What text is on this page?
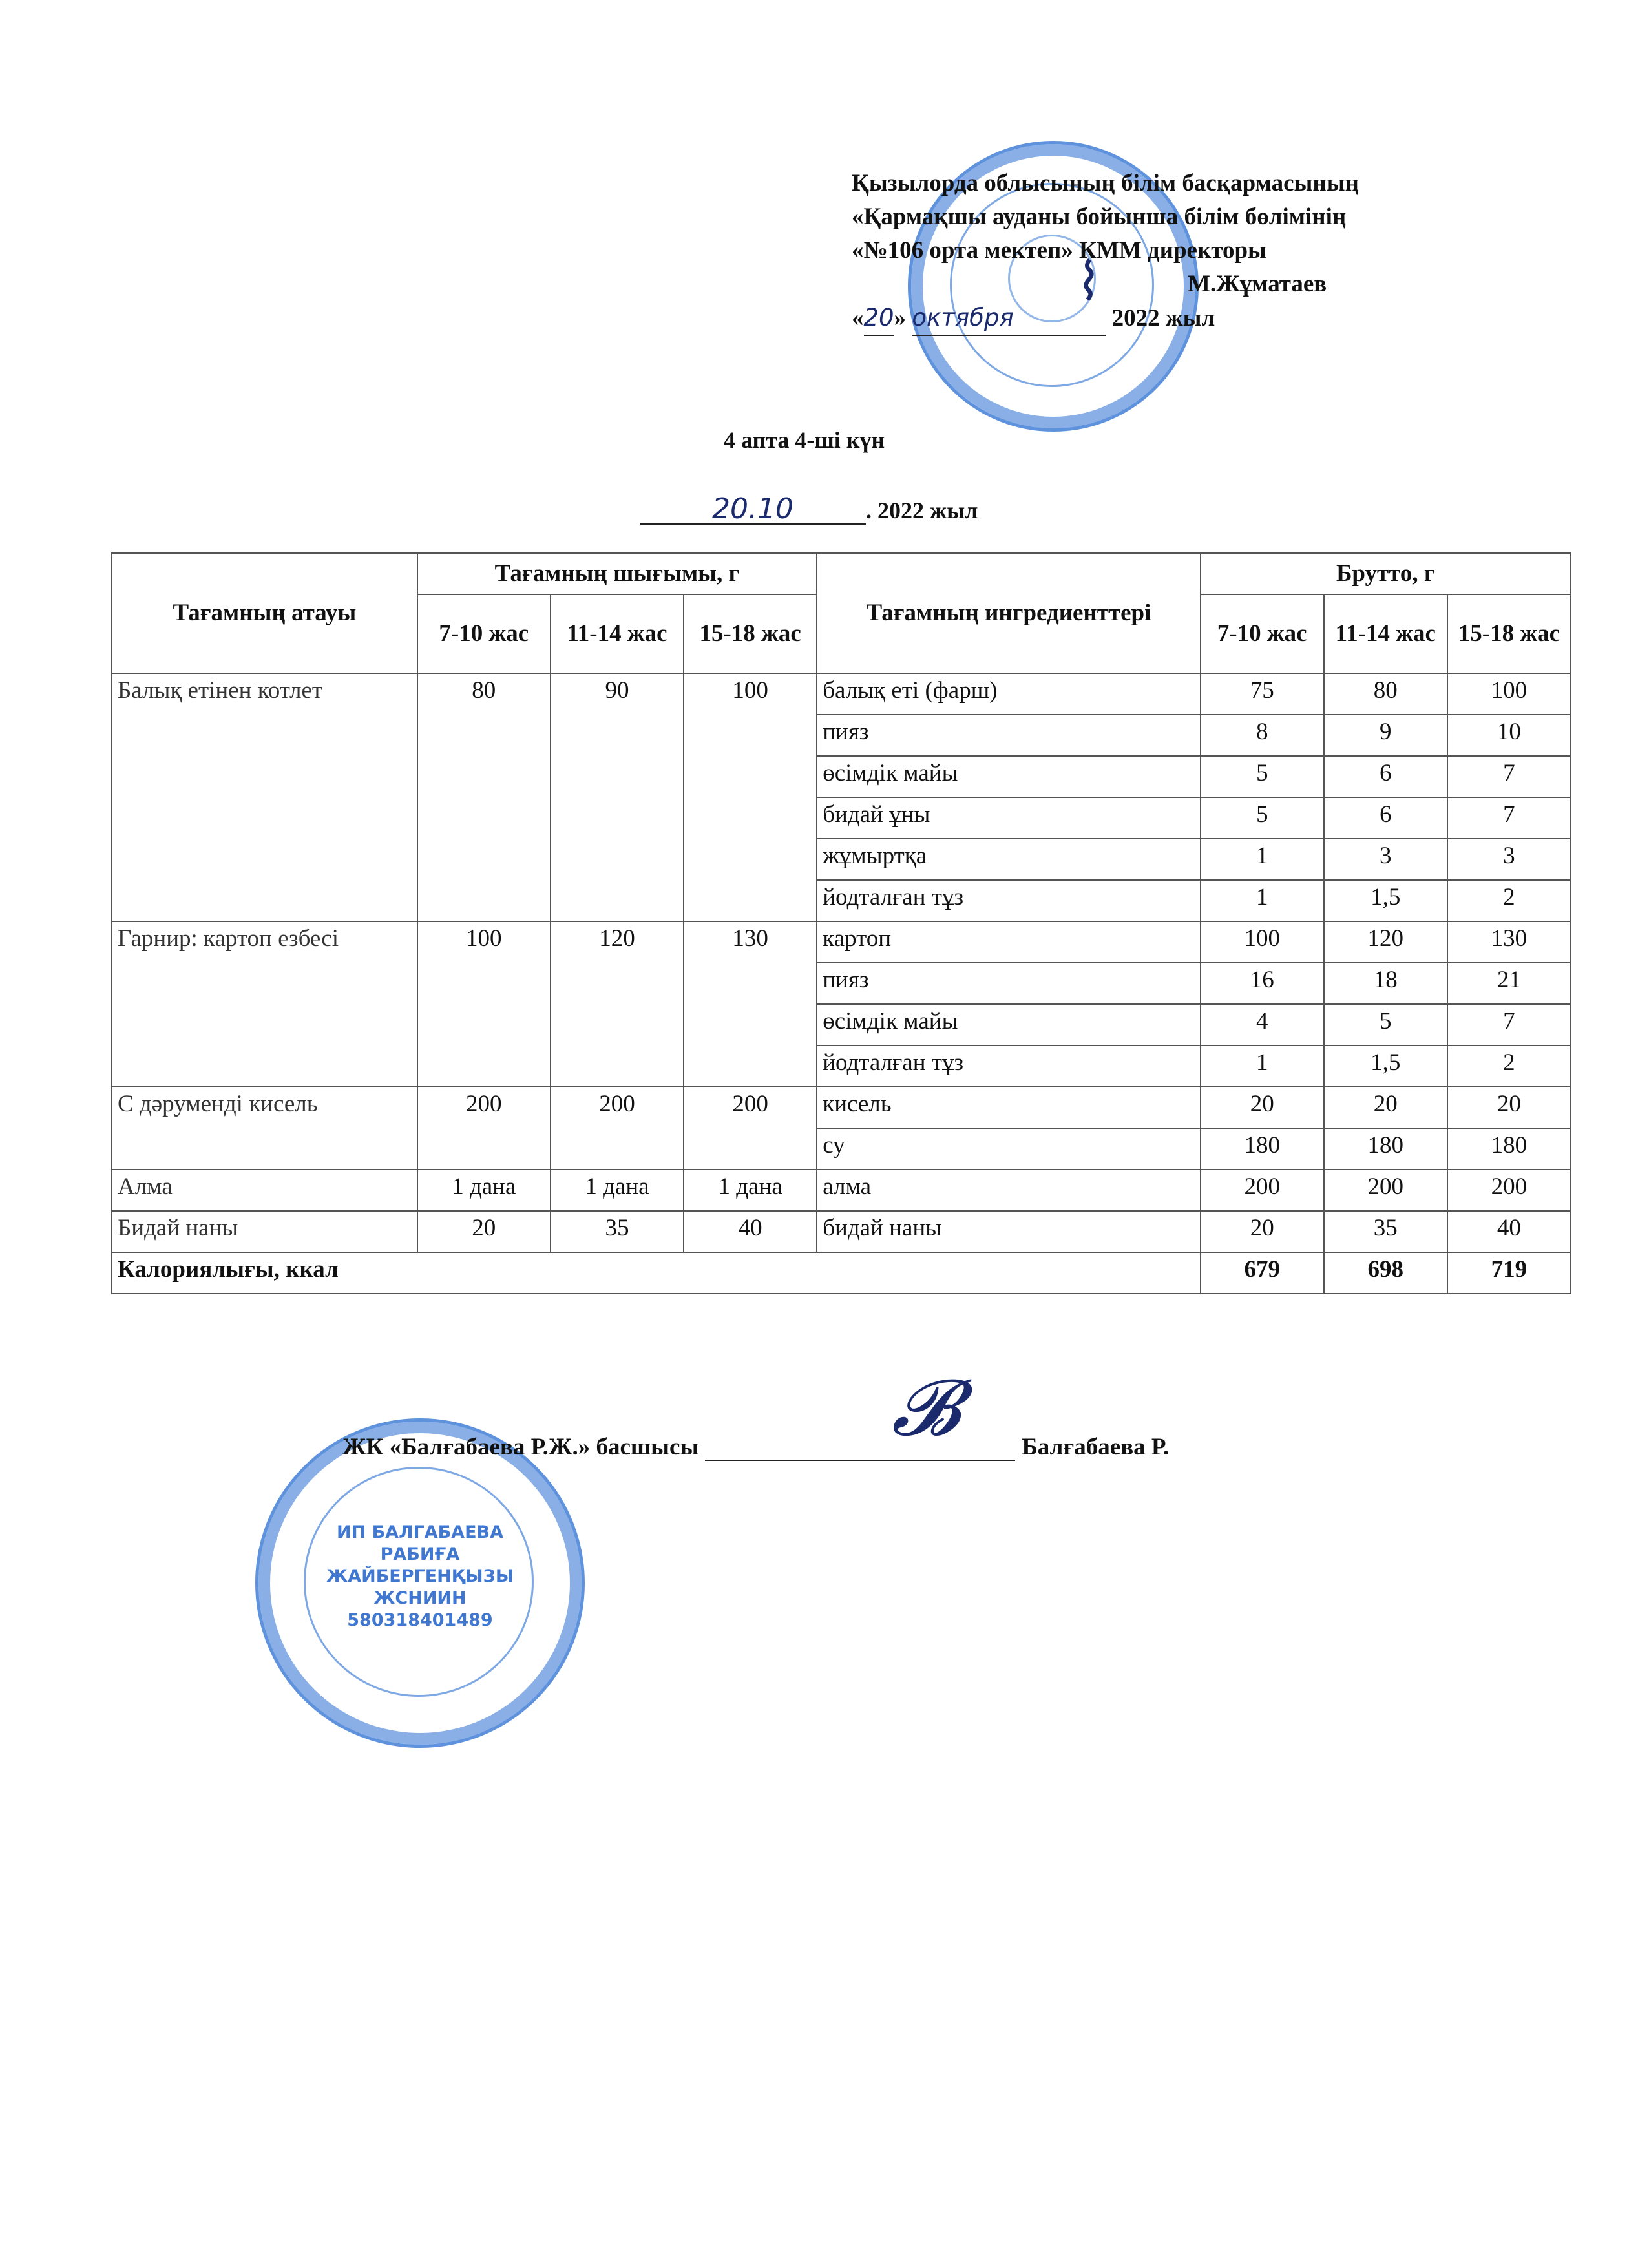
Қызылорда облысының білім басқармасының
«Қармақшы ауданы бойынша білім бөлімінің
«№106 орта мектеп» КММ директоры
М.Жұматаев
«20» октября	2022 жыл
⌇
4 апта 4-ші күн
20.10	. 2022 жыл
Тағамның атауы	Тағамның шығымы, г			Тағамның ингредиенттері	Брутто, г		
	7-10 жас	11-14 жас	15-18 жас		7-10 жас	11-14 жас	15-18 жас
Балық етінен котлет	80	90	100	балық еті (фарш)	75	80	100
				пияз	8	9	10
				өсімдік майы	5	6	7
				бидай ұны	5	6	7
				жұмыртқа	1	3	3
				йодталған тұз	1	1,5	2
Гарнир: картоп езбесі	100	120	130	картоп	100	120	130
				пияз	16	18	21
				өсімдік майы	4	5	7
				йодталған тұз	1	1,5	2
С дәруменді кисель	200	200	200	кисель	20	20	20
				су	180	180	180
Алма	1 дана	1 дана	1 дана	алма	200	200	200
Бидай наны	20	35	40	бидай наны	20	35	40
Калориялығы, ккал					679	698	719
𝓑
ИП БАЛГАБАЕВА
РАБИҒА
ЖАЙБЕРГЕНҚЫЗЫ
ЖСНИИН
580318401489
ЖК «Балғабаева Р.Ж.» басшысы	Балғабаева Р.
